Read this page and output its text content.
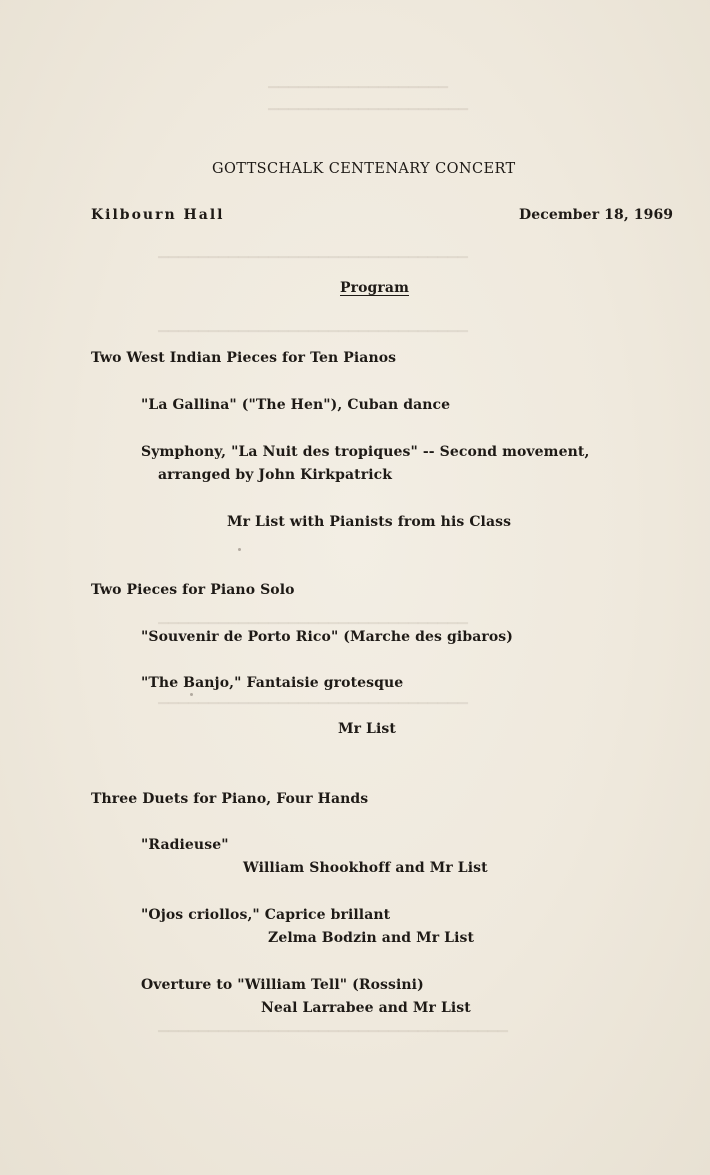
▁▁▁▁▁▁▁▁▁▁▁▁▁▁▁▁▁▁
▁▁▁▁▁▁▁▁▁▁▁▁▁▁▁▁▁▁▁▁
▁▁▁▁▁▁▁▁▁▁▁▁▁▁▁▁▁▁▁▁▁▁▁▁▁▁▁▁▁▁▁
▁▁▁▁▁▁▁▁▁▁▁▁▁▁▁▁▁▁▁▁▁▁▁▁▁▁▁▁▁▁▁
▁▁▁▁▁▁▁▁▁▁▁▁▁▁▁▁▁▁▁▁▁▁▁▁▁▁▁▁▁▁▁
▁▁▁▁▁▁▁▁▁▁▁▁▁▁▁▁▁▁▁▁▁▁▁▁▁▁▁▁▁▁▁
▁▁▁▁▁▁▁▁▁▁▁▁▁▁▁▁▁▁▁▁▁▁▁▁▁▁▁▁▁▁▁▁▁▁▁
GOTTSCHALK CENTENARY CONCERT
Kilbourn Hall	December 18, 1969
Program
Two West Indian Pieces for Ten Pianos
"La Gallina" ("The Hen"), Cuban dance
Symphony, "La Nuit des tropiques" -- Second movement,
arranged by John Kirkpatrick
Mr List with Pianists from his Class
Two Pieces for Piano Solo
"Souvenir de Porto Rico" (Marche des gibaros)
"The Banjo," Fantaisie grotesque
Mr List
Three Duets for Piano, Four Hands
"Radieuse"
William Shookhoff and Mr List
"Ojos criollos," Caprice brillant
Zelma Bodzin and Mr List
Overture to "William Tell" (Rossini)
Neal Larrabee and Mr List
